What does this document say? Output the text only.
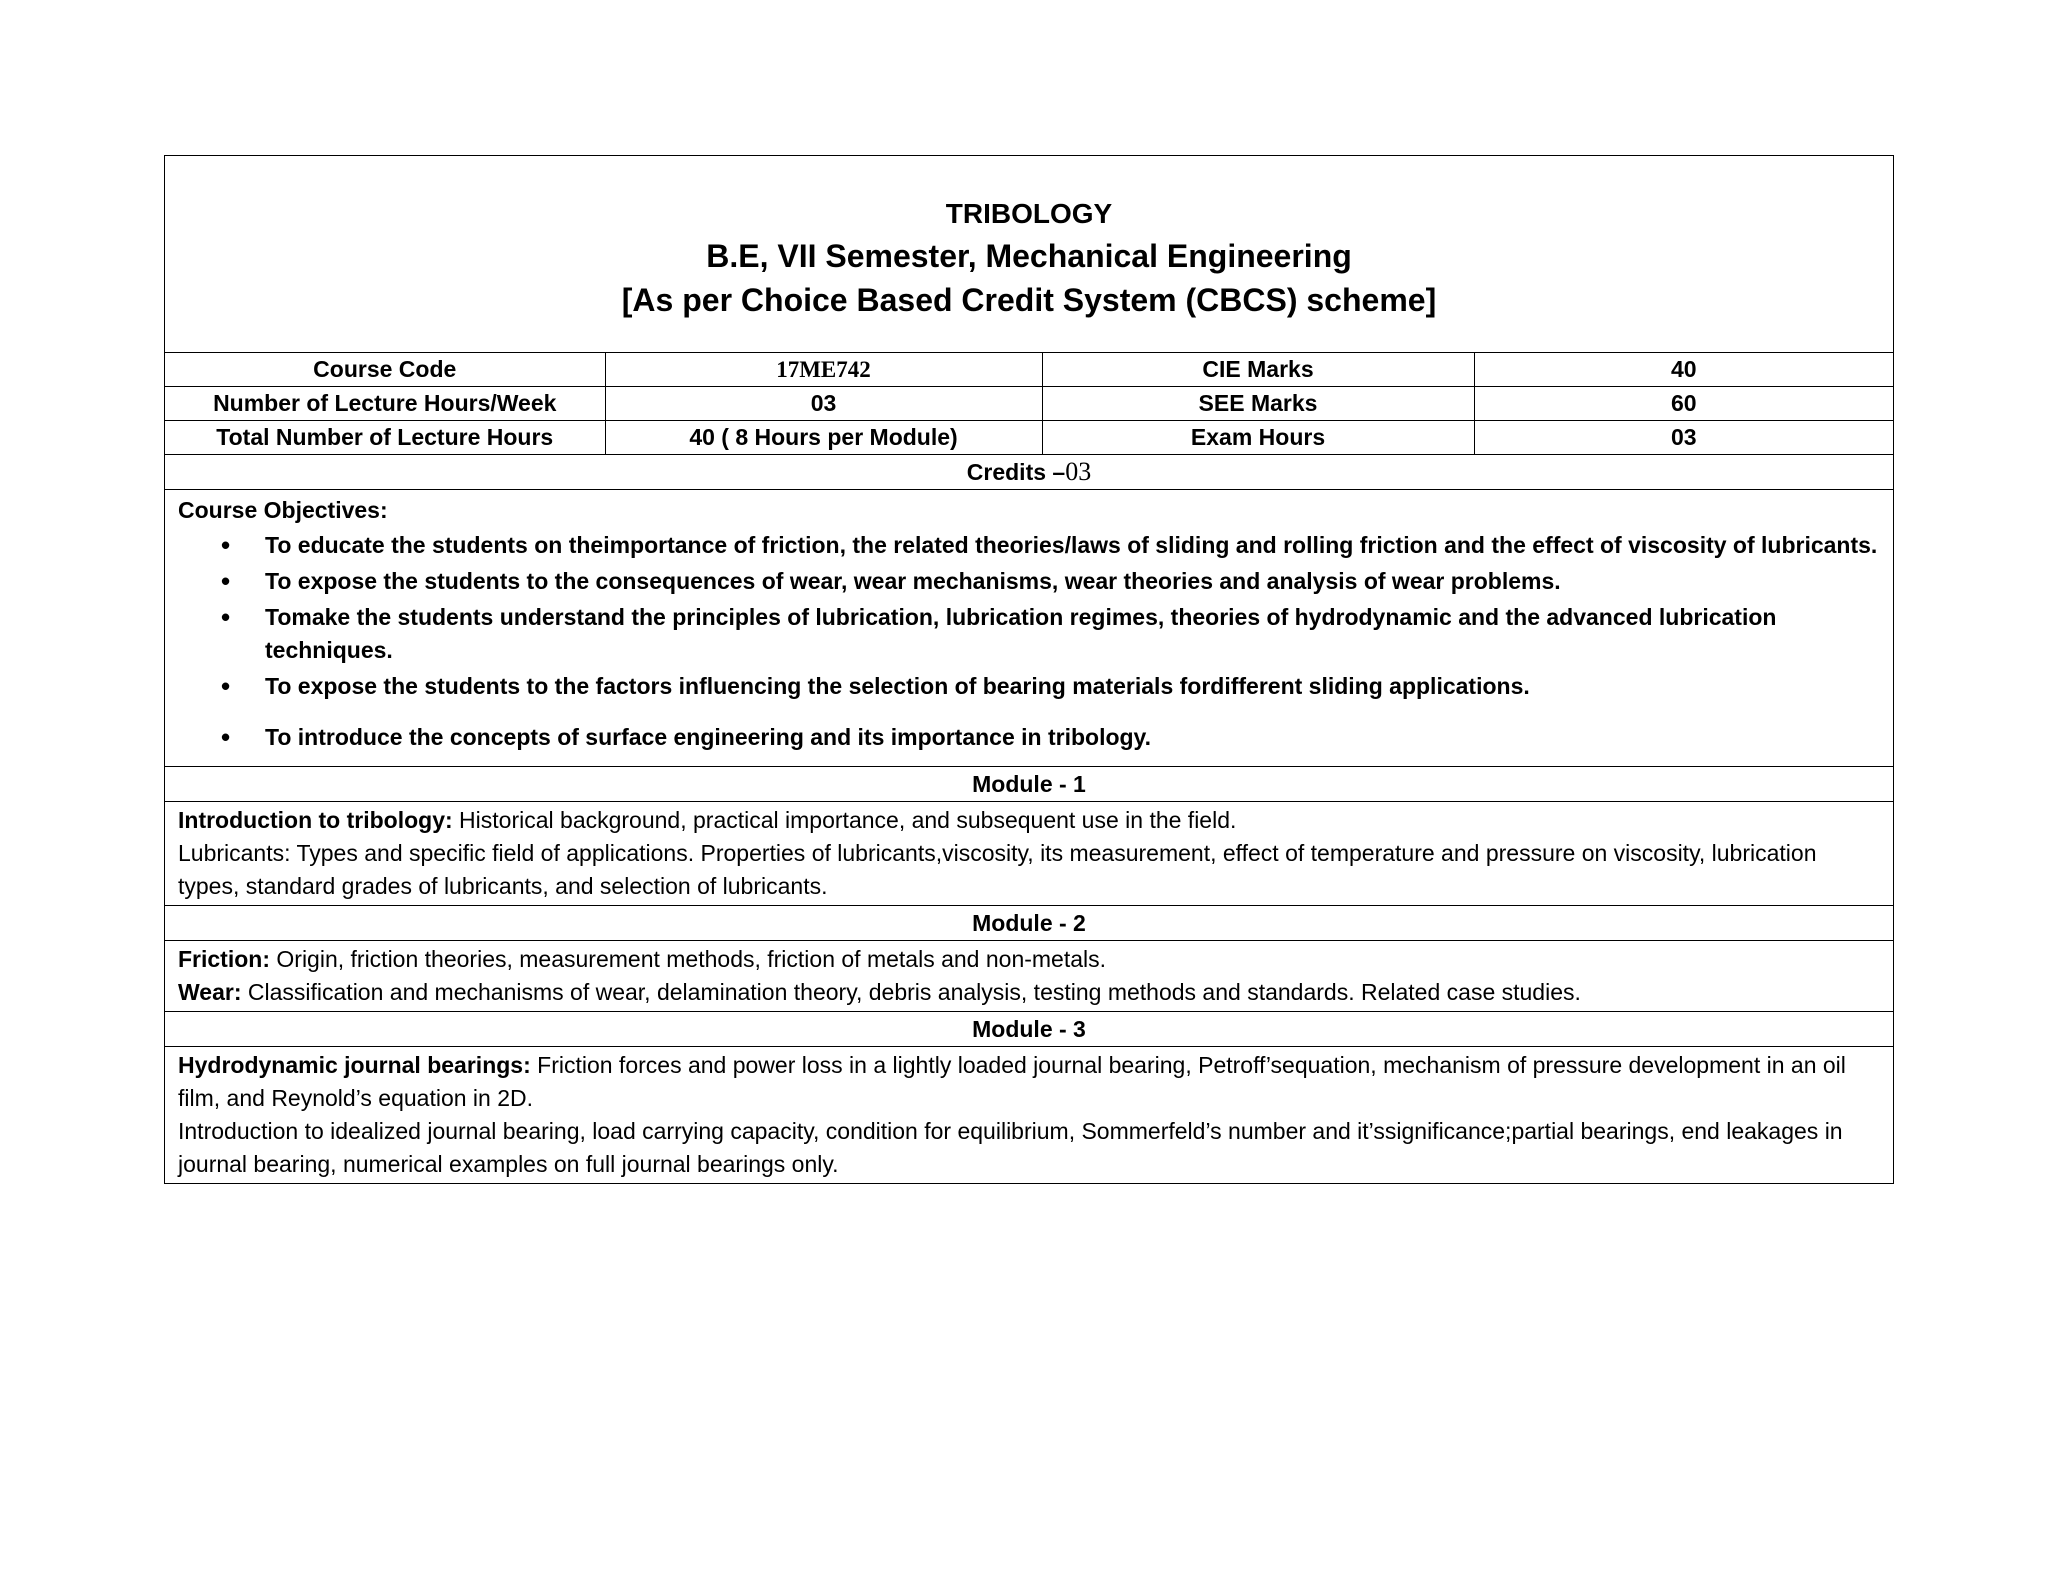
TRIBOLOGY
B.E, VII Semester, Mechanical Engineering
[As per Choice Based Credit System (CBCS) scheme]
Course Code	17ME742	CIE Marks	40
Number of Lecture Hours/Week	03	SEE Marks	60
Total Number of Lecture Hours	40 ( 8 Hours per Module)	Exam Hours	03
Credits –03
Course Objectives:
• To educate the students on theimportance of friction, the related theories/laws of sliding and rolling friction and the effect of viscosity of lubricants.
• To expose the students to the consequences of wear, wear mechanisms, wear theories and analysis of wear problems.
• Tomake the students understand the principles of lubrication, lubrication regimes, theories of hydrodynamic and the advanced lubrication techniques.
• To expose the students to the factors influencing the selection of bearing materials fordifferent sliding applications.
• To introduce the concepts of surface engineering and its importance in tribology.
Module - 1

Introduction to tribology: Historical background, practical importance, and subsequent use in the field.

Lubricants: Types and specific field of applications. Properties of lubricants,viscosity, its measurement, effect of temperature and pressure on viscosity, lubrication types, standard grades of lubricants, and selection of lubricants.

Module - 2

Friction: Origin, friction theories, measurement methods, friction of metals and non-metals.

Wear: Classification and mechanisms of wear, delamination theory, debris analysis, testing methods and standards. Related case studies.

Module - 3

Hydrodynamic journal bearings: Friction forces and power loss in a lightly loaded journal bearing, Petroff’sequation, mechanism of pressure development in an oil film, and Reynold’s equation in 2D.

Introduction to idealized journal bearing, load carrying capacity, condition for equilibrium, Sommerfeld’s number and it’ssignificance;partial bearings, end leakages in journal bearing, numerical examples on full journal bearings only.
